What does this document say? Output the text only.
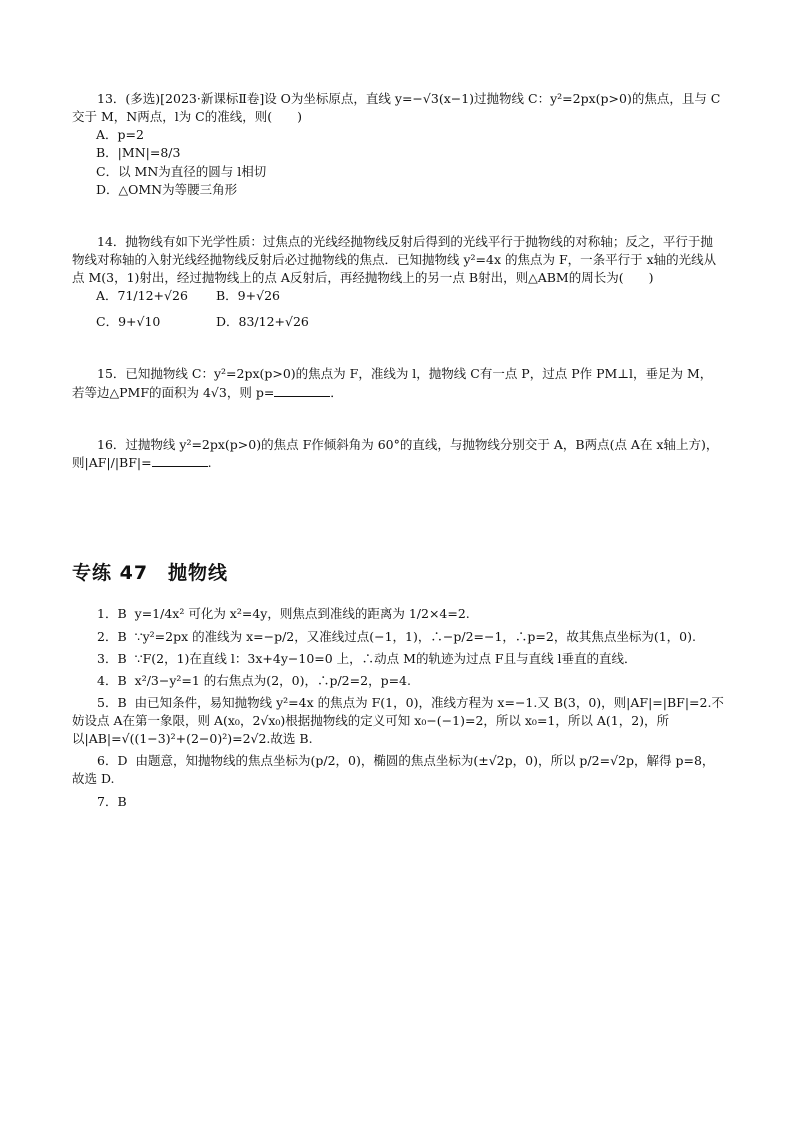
13．(多选)[2023·新课标Ⅱ卷]设 O为坐标原点，直线 y=−√3(x−1)过抛物线 C：y²=2px(p>0)的焦点，且与 C交于 M，N两点，l为 C的准线，则(　　)

A．p=2

B．|MN|=8/3

C．以 MN为直径的圆与 l相切

D．△OMN为等腰三角形

14．抛物线有如下光学性质：过焦点的光线经抛物线反射后得到的光线平行于抛物线的对称轴；反之，平行于抛物线对称轴的入射光线经抛物线反射后必过抛物线的焦点．已知抛物线 y²=4x 的焦点为 F，一条平行于 x轴的光线从点 M(3，1)射出，经过抛物线上的点 A反射后，再经抛物线上的另一点 B射出，则△ABM的周长为(　　)

A．71/12+√26	B．9+√26
C．9+√10	D．83/12+√26

15．已知抛物线 C：y²=2px(p>0)的焦点为 F，准线为 l，抛物线 C有一点 P，过点 P作 PM⊥l，垂足为 M，若等边△PMF的面积为 4√3，则 p=	．

16．过抛物线 y²=2px(p>0)的焦点 F作倾斜角为 60°的直线，与抛物线分别交于 A，B两点(点 A在 x轴上方)，则|AF|/|BF|=	.

专练 47　抛物线

1．B y=1/4x² 可化为 x²=4y，则焦点到准线的距离为 1/2×4=2.

2．B ∵y²=2px 的准线为 x=−p/2，又准线过点(−1，1)，∴−p/2=−1，∴p=2，故其焦点坐标为(1，0).

3．B ∵F(2，1)在直线 l：3x+4y−10=0 上，∴动点 M的轨迹为过点 F且与直线 l垂直的直线．

4．B x²/3−y²=1 的右焦点为(2，0)，∴p/2=2，p=4.

5．B 由已知条件，易知抛物线 y²=4x 的焦点为 F(1，0)，准线方程为 x=−1.又 B(3，0)，则|AF|=|BF|=2.不妨设点 A在第一象限，则 A(x₀，2√x₀)根据抛物线的定义可知 x₀−(−1)=2，所以 x₀=1，所以 A(1，2)，所以|AB|=√((1−3)²+(2−0)²)=2√2.故选 B.

6．D 由题意，知抛物线的焦点坐标为(p/2，0)，椭圆的焦点坐标为(±√2p，0)，所以 p/2=√2p，解得 p=8，故选 D.

7．B
